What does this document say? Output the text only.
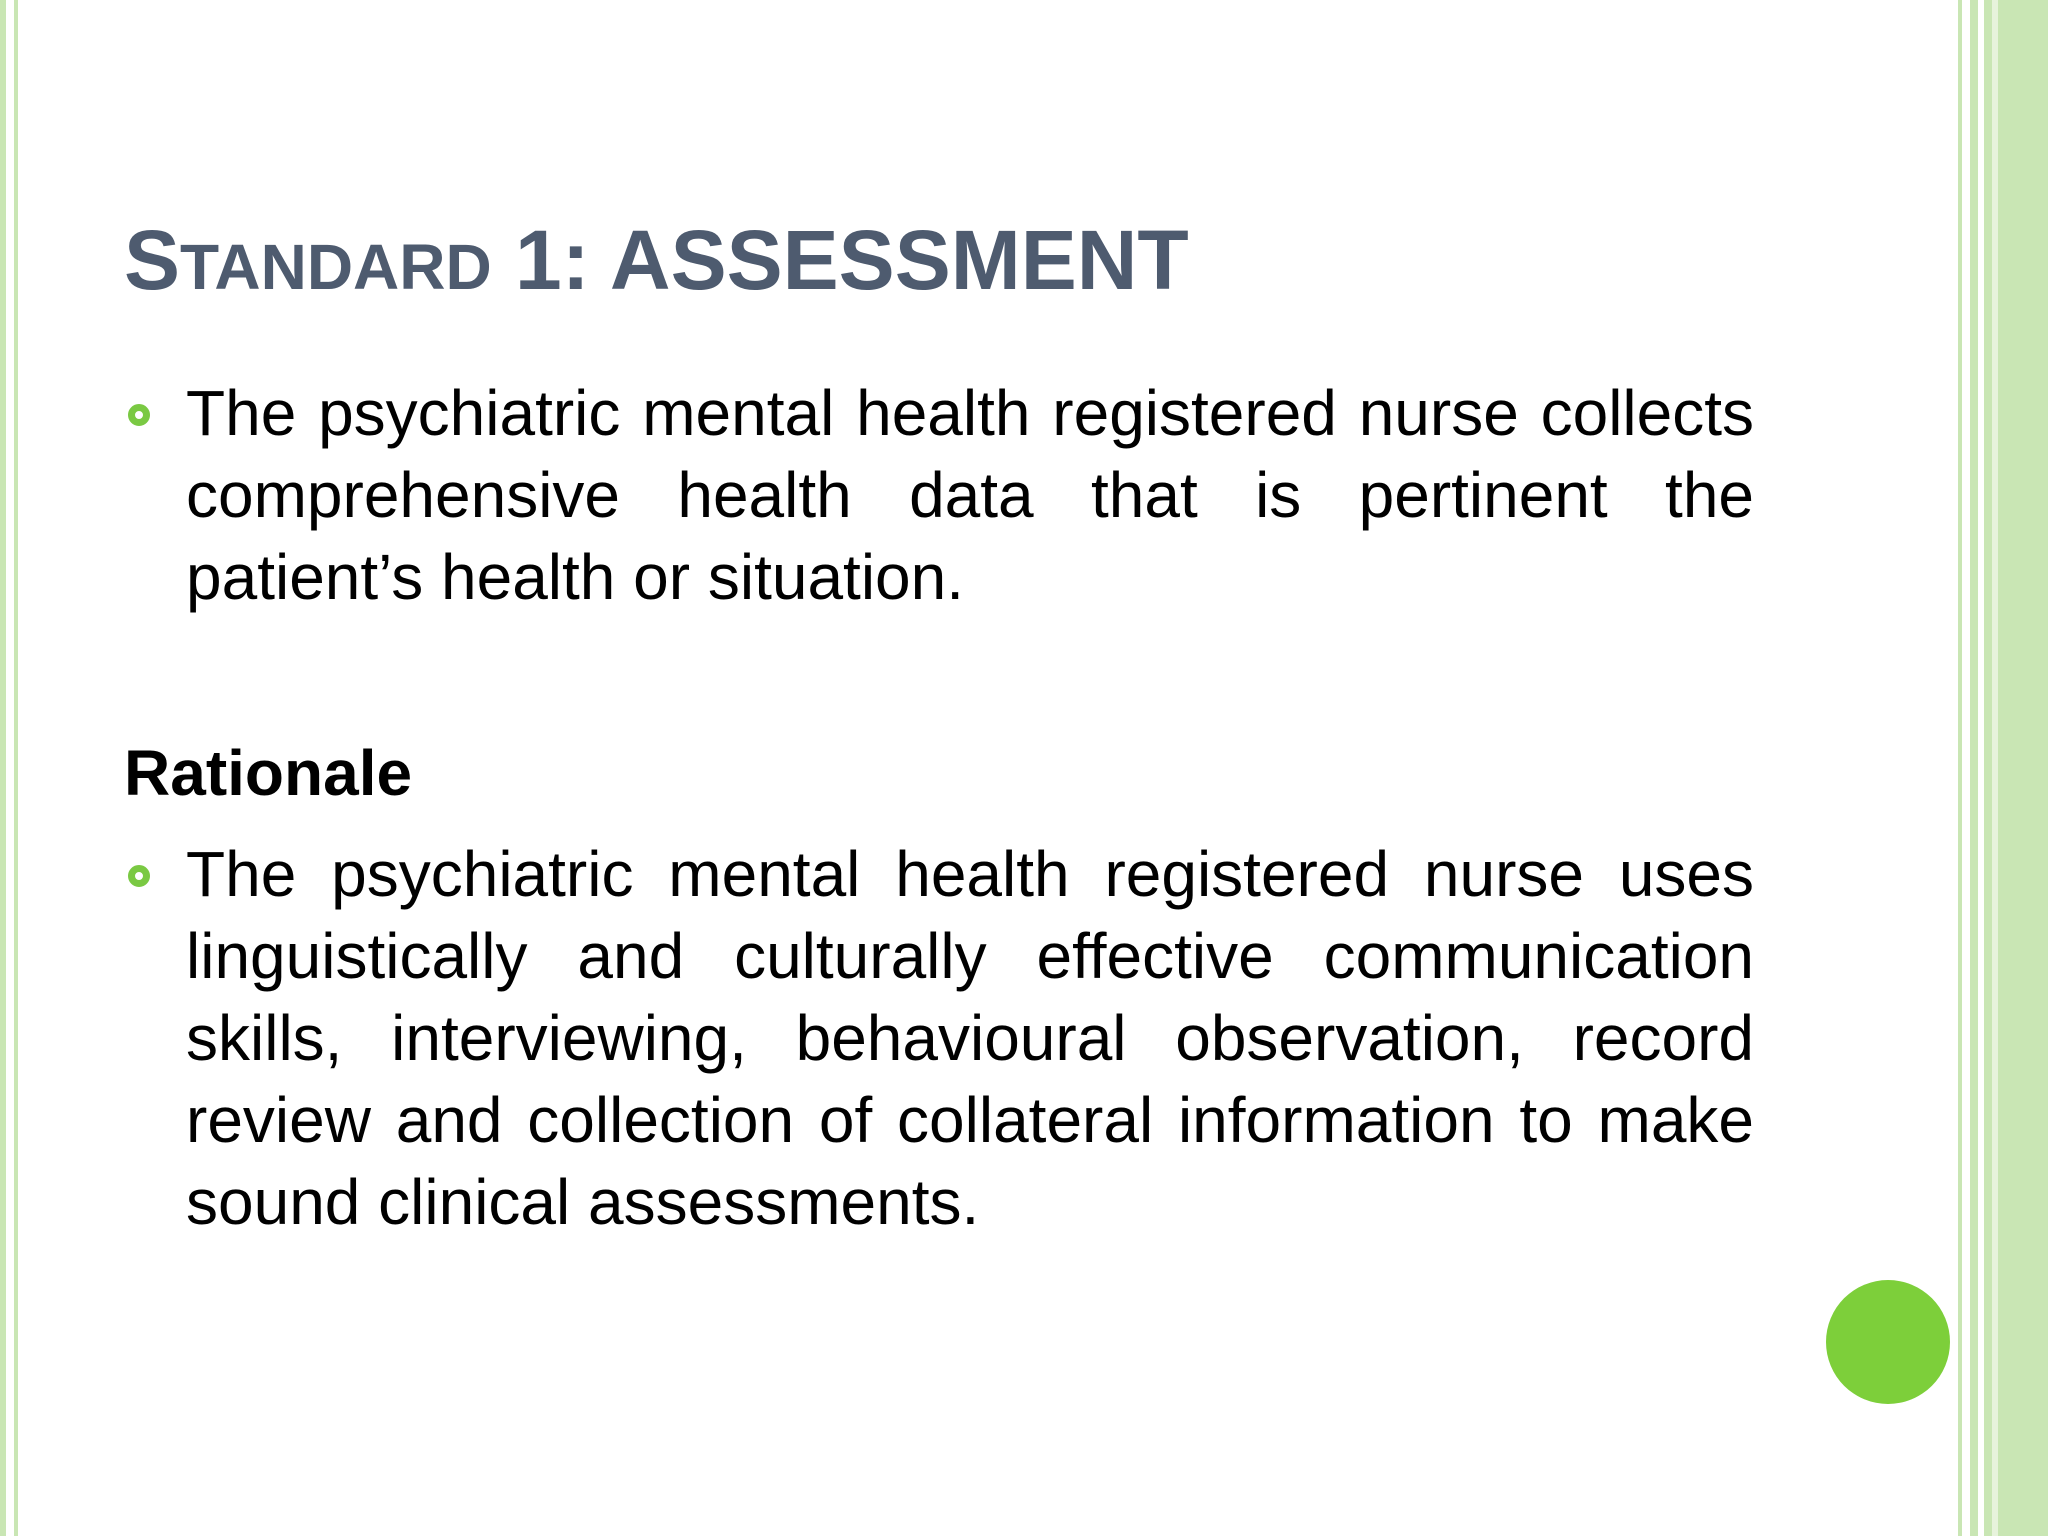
STANDARD 1: ASSESSMENT

The psychiatric mental health registered nurse collects comprehensive health data that is pertinent the patient’s health or situation.

Rationale

The psychiatric mental health registered nurse uses linguistically and culturally effective communication skills, interviewing, behavioural observation, record review and collection of collateral information to make sound clinical assessments.
